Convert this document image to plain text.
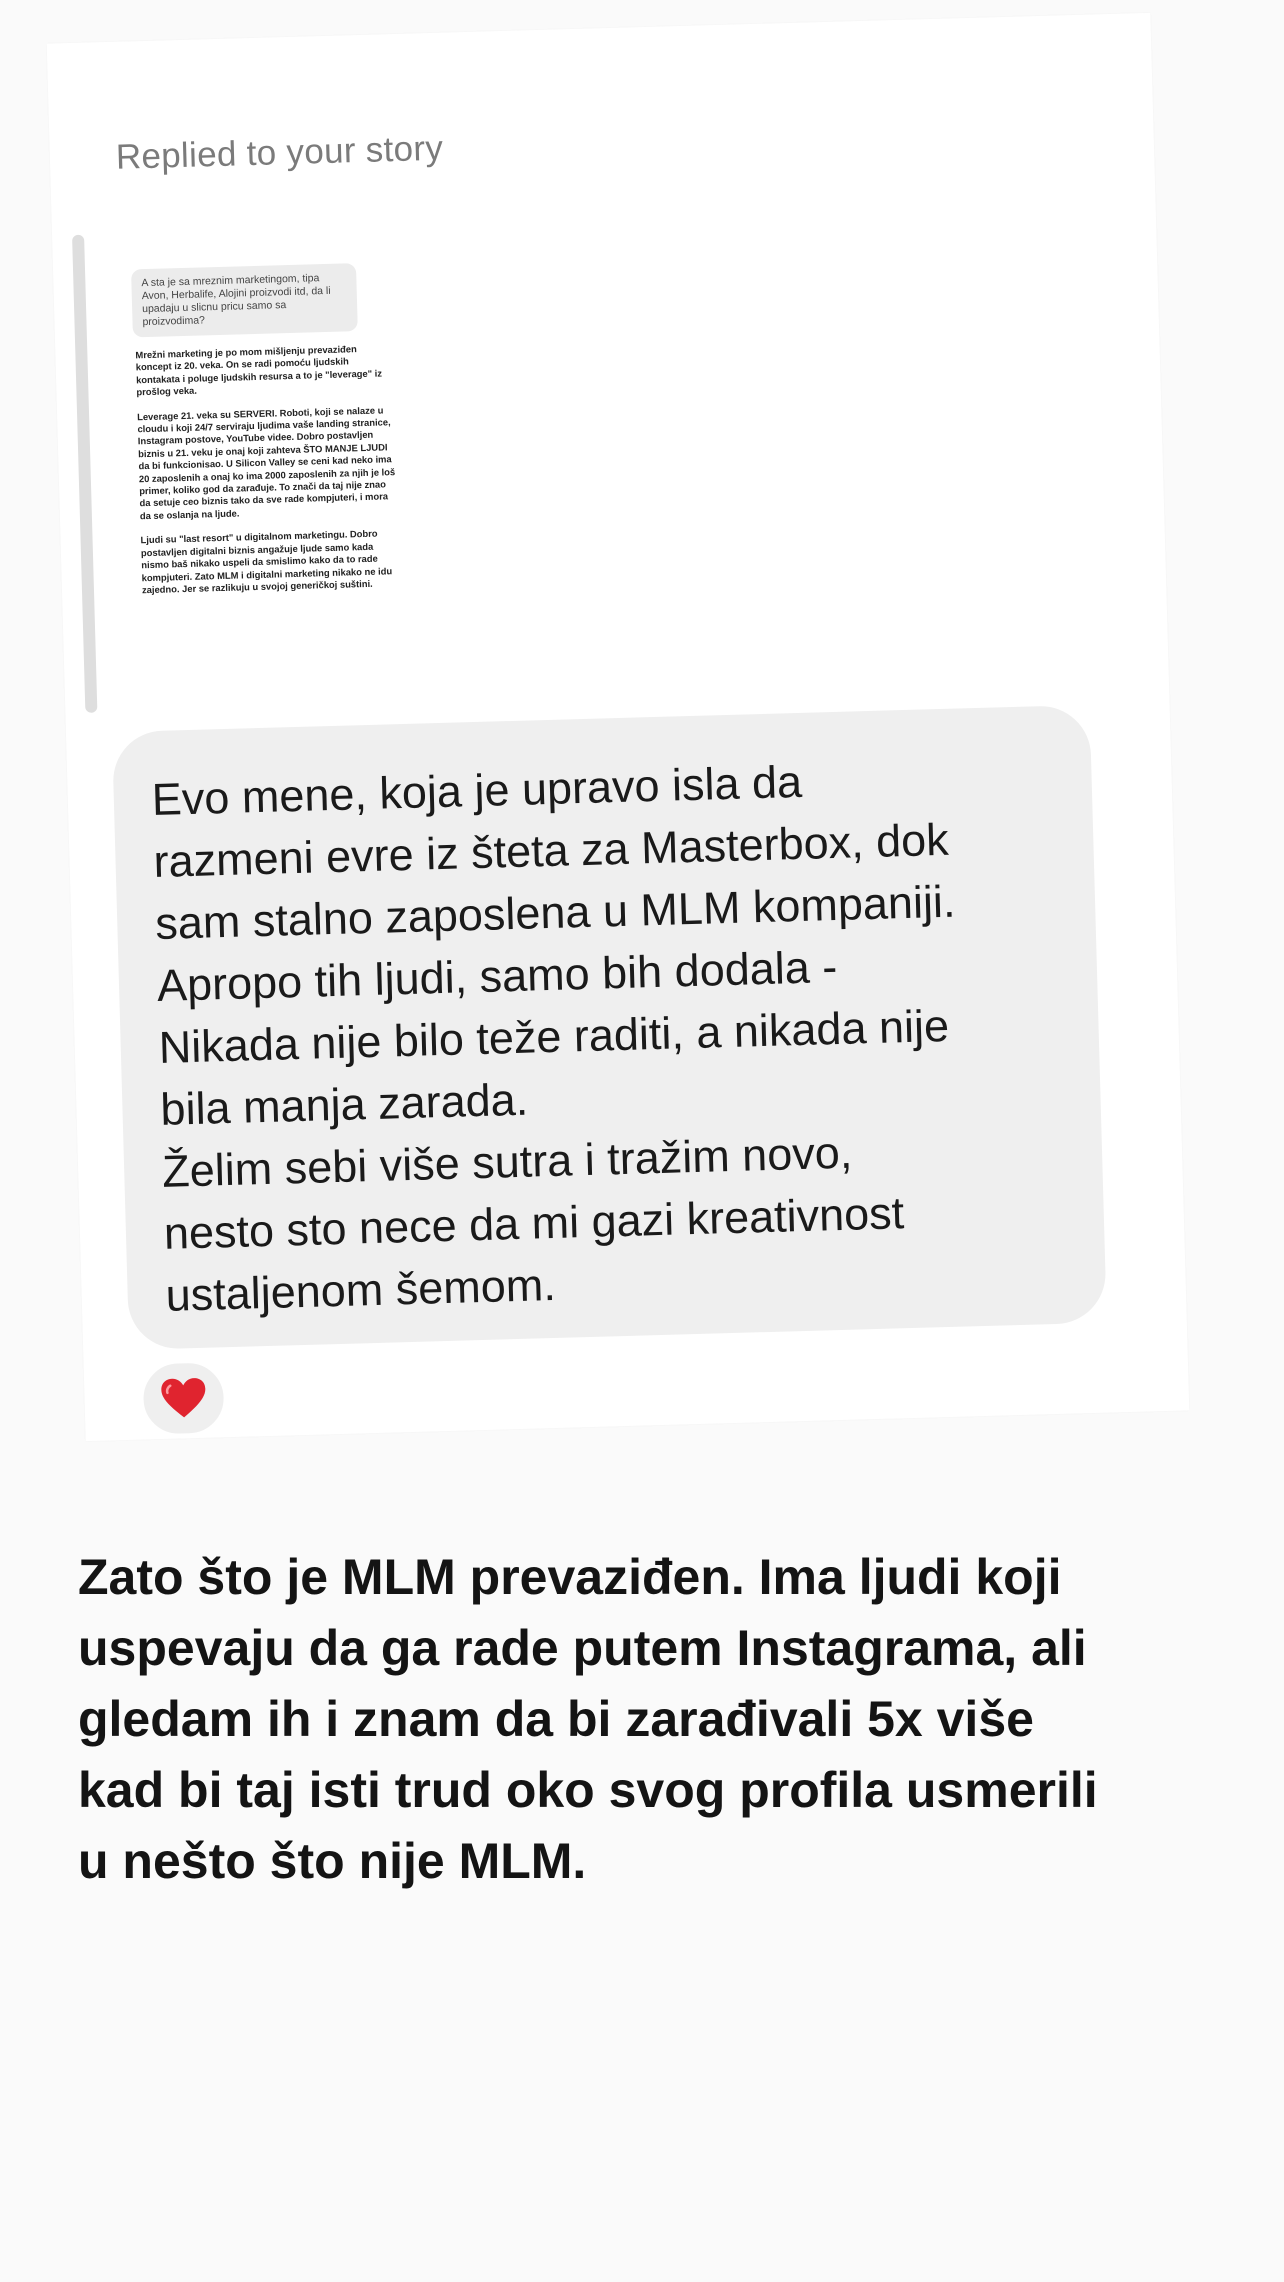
Replied to your story
A sta je sa mreznim marketingom, tipa Avon, Herbalife, Alojini proizvodi itd, da li upadaju u slicnu pricu samo sa proizvodima?
Mrežni marketing je po mom mišljenju prevaziđen koncept iz 20. veka. On se radi pomoću ljudskih kontakata i poluge ljudskih resursa a to je "leverage" iz prošlog veka.
Leverage 21. veka su SERVERI. Roboti, koji se nalaze u cloudu i koji 24/7 serviraju ljudima vaše landing stranice, Instagram postove, YouTube videe. Dobro postavljen biznis u 21. veku je onaj koji zahteva ŠTO MANJE LJUDI da bi funkcionisao. U Silicon Valley se ceni kad neko ima 20 zaposlenih a onaj ko ima 2000 zaposlenih za njih je loš primer, koliko god da zarađuje. To znači da taj nije znao da setuje ceo biznis tako da sve rade kompjuteri, i mora da se oslanja na ljude.
Ljudi su "last resort" u digitalnom marketingu. Dobro postavljen digitalni biznis angažuje ljude samo kada nismo baš nikako uspeli da smislimo kako da to rade kompjuteri. Zato MLM i digitalni marketing nikako ne idu zajedno. Jer se razlikuju u svojoj generičkoj suštini.
Evo mene, koja je upravo isla da
razmeni evre iz šteta za Masterbox, dok
sam stalno zaposlena u MLM kompaniji.
Apropo tih ljudi, samo bih dodala -
Nikada nije bilo teže raditi, a nikada nije
bila manja zarada.
Želim sebi više sutra i tražim novo,
nesto sto nece da mi gazi kreativnost
ustaljenom šemom.
Zato što je MLM prevaziđen. Ima ljudi koji
uspevaju da ga rade putem Instagrama, ali
gledam ih i znam da bi zarađivali 5x više
kad bi taj isti trud oko svog profila usmerili
u nešto što nije MLM.
